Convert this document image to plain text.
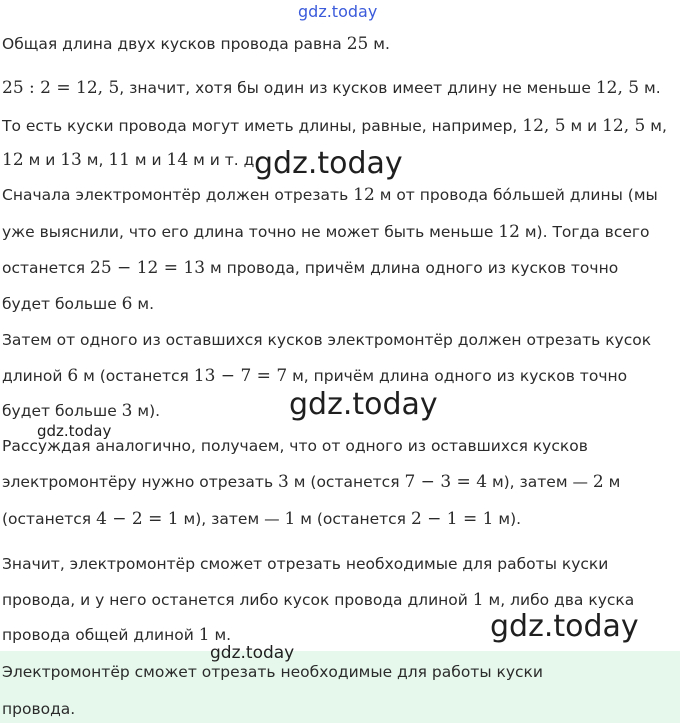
gdz.today
Общая длина двух кусков провода равна 25 м.
25 : 2 = 12, 5, значит, хотя бы один из кусков имеет длину не меньше 12, 5 м.
То есть куски провода могут иметь длины, равные, например, 12, 5 м и 12, 5 м,
12 м и 13 м, 11 м и 14 м и т. д.
gdz.today
Сначала электромонтёр должен отрезать 12 м от провода бóльшей длины (мы
уже выяснили, что его длина точно не может быть меньше 12 м). Тогда всего
останется 25 − 12 = 13 м провода, причём длина одного из кусков точно
будет больше 6 м.
Затем от одного из оставшихся кусков электромонтёр должен отрезать кусок
длиной 6 м (останется 13 − 7 = 7 м, причём длина одного из кусков точно
будет больше 3 м).	gdz.today
gdz.today
Рассуждая аналогично, получаем, что от одного из оставшихся кусков
электромонтёру нужно отрезать 3 м (останется 7 − 3 = 4 м), затем — 2 м
(останется 4 − 2 = 1 м), затем — 1 м (останется 2 − 1 = 1 м).
Значит, электромонтёр сможет отрезать необходимые для работы куски
провода, и у него останется либо кусок провода длиной 1 м, либо два куска
провода общей длиной 1 м.	gdz.today
gdz.today
Электромонтёр сможет отрезать необходимые для работы куски
провода.
